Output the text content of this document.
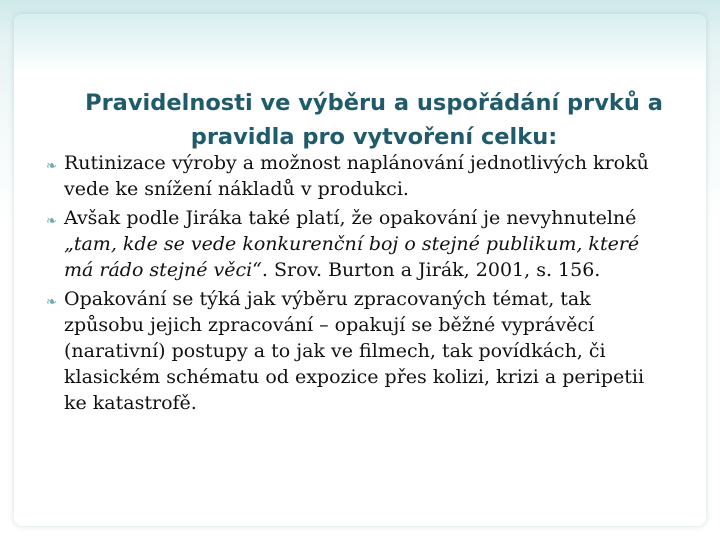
Pravidelnosti ve výběru a uspořádání prvků a
pravidla pro vytvoření celku:
❧ Rutinizace výroby a možnost naplánování jednotlivých kroků vede ke snížení nákladů v produkci.
❧ Avšak podle Jiráka také platí, že opakování je nevyhnutelné „tam, kde se vede konkurenční boj o stejné publikum, které má rádo stejné věci“. Srov. Burton a Jirák, 2001, s. 156.
❧ Opakování se týká jak výběru zpracovaných témat, tak způsobu jejich zpracování – opakují se běžné vyprávěcí (narativní) postupy a to jak ve filmech, tak povídkách, či klasickém schématu od expozice přes kolizi, krizi a peripetii ke katastrofě.
